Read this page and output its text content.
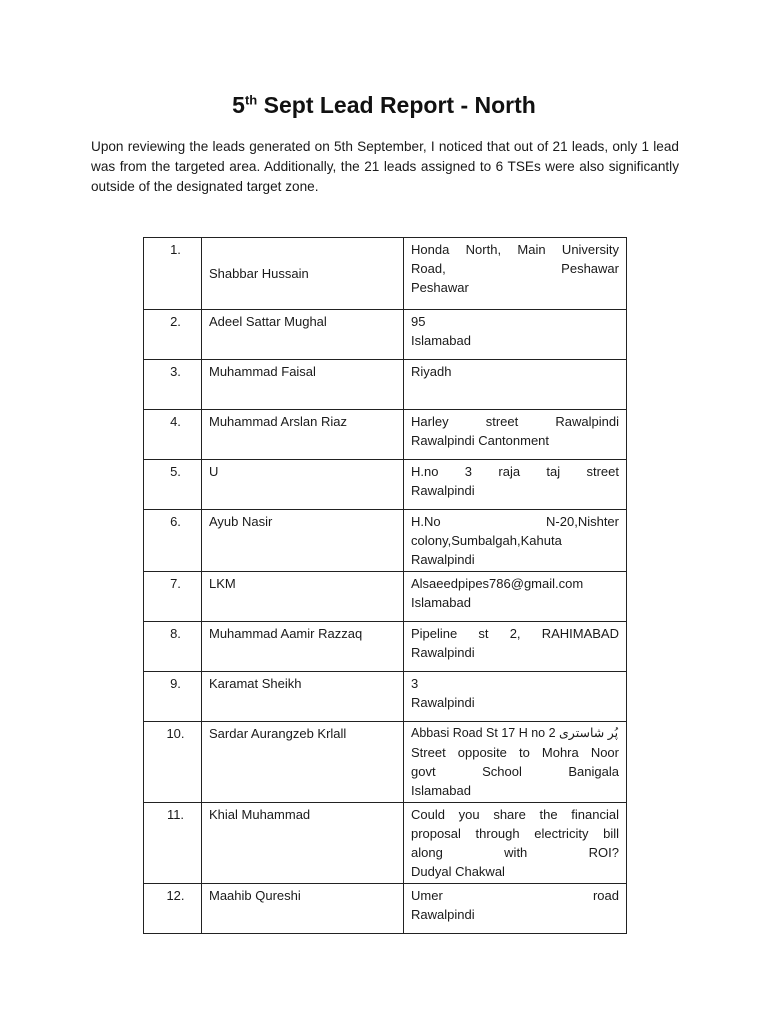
5th Sept Lead Report - North
Upon reviewing the leads generated on 5th September, I noticed that out of 21 leads, only 1 lead was from the targeted area. Additionally, the 21 leads assigned to 6 TSEs were also significantly outside of the designated target zone.
1.	Shabbar Hussain	Honda North, Main University
Road, Peshawar
Peshawar

2.	Adeel Sattar Mughal	95
Islamabad

3.	Muhammad Faisal	Riyadh

4.	Muhammad Arslan Riaz	Harley street Rawalpindi
Rawalpindi Cantonment

5.	U	H.no 3 raja taj street
Rawalpindi

6.	Ayub Nasir	H.No N-20,Nishter
colony,Sumbalgah,Kahuta
Rawalpindi

7.	LKM	Alsaeedpipes786@gmail.com
Islamabad

8.	Muhammad Aamir Razzaq	Pipeline st 2, RAHIMABAD
Rawalpindi

9.	Karamat Sheikh	3
Rawalpindi

10.	Sardar Aurangzeb Krlall	Abbasi Road St 17 H no 2 پُر شاستری
Street opposite to Mohra Noor
govt School Banigala
Islamabad

11.	Khial Muhammad	Could you share the financial
proposal through electricity bill
along with ROI?
Dudyal Chakwal

12.	Maahib Qureshi	Umer road
Rawalpindi
